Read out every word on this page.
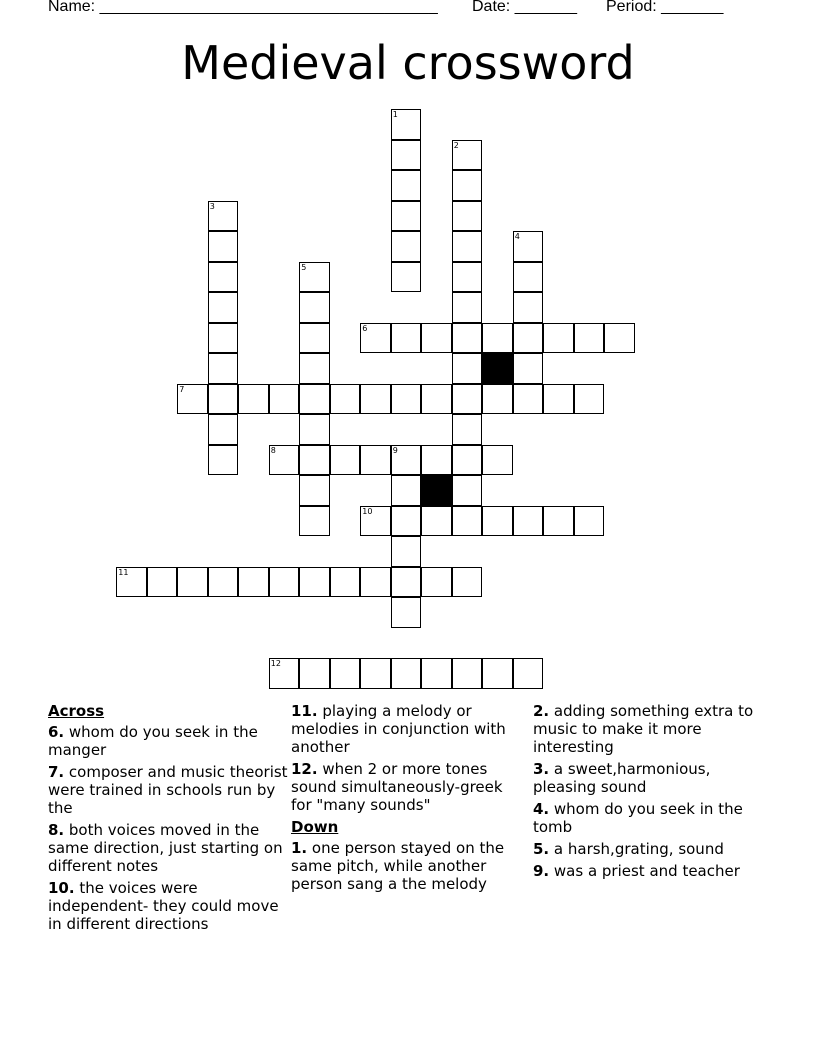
Name: ______________________________________ Date: _______ Period: _______
Medieval crossword
1
2
3
4
5
6
7
8	9
10
11
12
Across
6. whom do you seek in the manger
7. composer and music theorist were trained in schools run by the
8. both voices moved in the same direction, just starting on different notes
10. the voices were independent- they could move in different directions
11. playing a melody or melodies in conjunction with another
12. when 2 or more tones sound simultaneously-greek for "many sounds"
Down
1. one person stayed on the same pitch, while another person sang a the melody
2. adding something extra to music to make it more interesting
3. a sweet,harmonious, pleasing sound
4. whom do you seek in the tomb
5. a harsh,grating, sound
9. was a priest and teacher
